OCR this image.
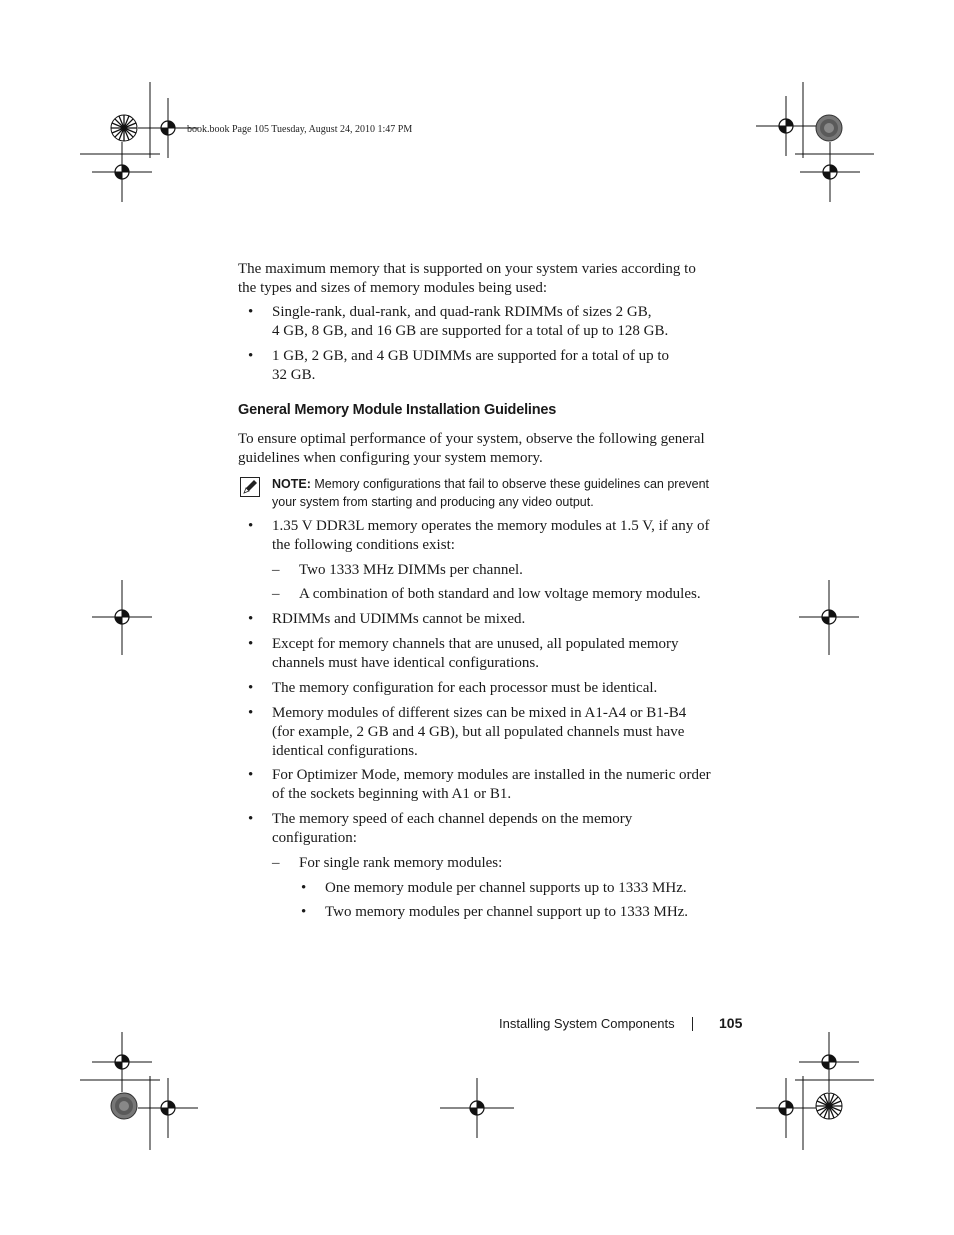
book.book Page 105 Tuesday, August 24, 2010 1:47 PM
The maximum memory that is supported on your system varies according to
the types and sizes of memory modules being used:
• Single-rank, dual-rank, and quad-rank RDIMMs of sizes 2 GB,
4 GB, 8 GB, and 16 GB are supported for a total of up to 128 GB.
• 1 GB, 2 GB, and 4 GB UDIMMs are supported for a total of up to
32 GB.
General Memory Module Installation Guidelines
To ensure optimal performance of your system, observe the following general
guidelines when configuring your system memory.
NOTE: Memory configurations that fail to observe these guidelines can prevent
your system from starting and producing any video output.
• 1.35 V DDR3L memory operates the memory modules at 1.5 V, if any of
the following conditions exist:
– Two 1333 MHz DIMMs per channel.
– A combination of both standard and low voltage memory modules.
• RDIMMs and UDIMMs cannot be mixed.
• Except for memory channels that are unused, all populated memory
channels must have identical configurations.
• The memory configuration for each processor must be identical.
• Memory modules of different sizes can be mixed in A1-A4 or B1-B4
(for example, 2 GB and 4 GB), but all populated channels must have
identical configurations.
• For Optimizer Mode, memory modules are installed in the numeric order
of the sockets beginning with A1 or B1.
• The memory speed of each channel depends on the memory
configuration:
– For single rank memory modules:
• One memory module per channel supports up to 1333 MHz.
• Two memory modules per channel support up to 1333 MHz.
Installing System Components	105
